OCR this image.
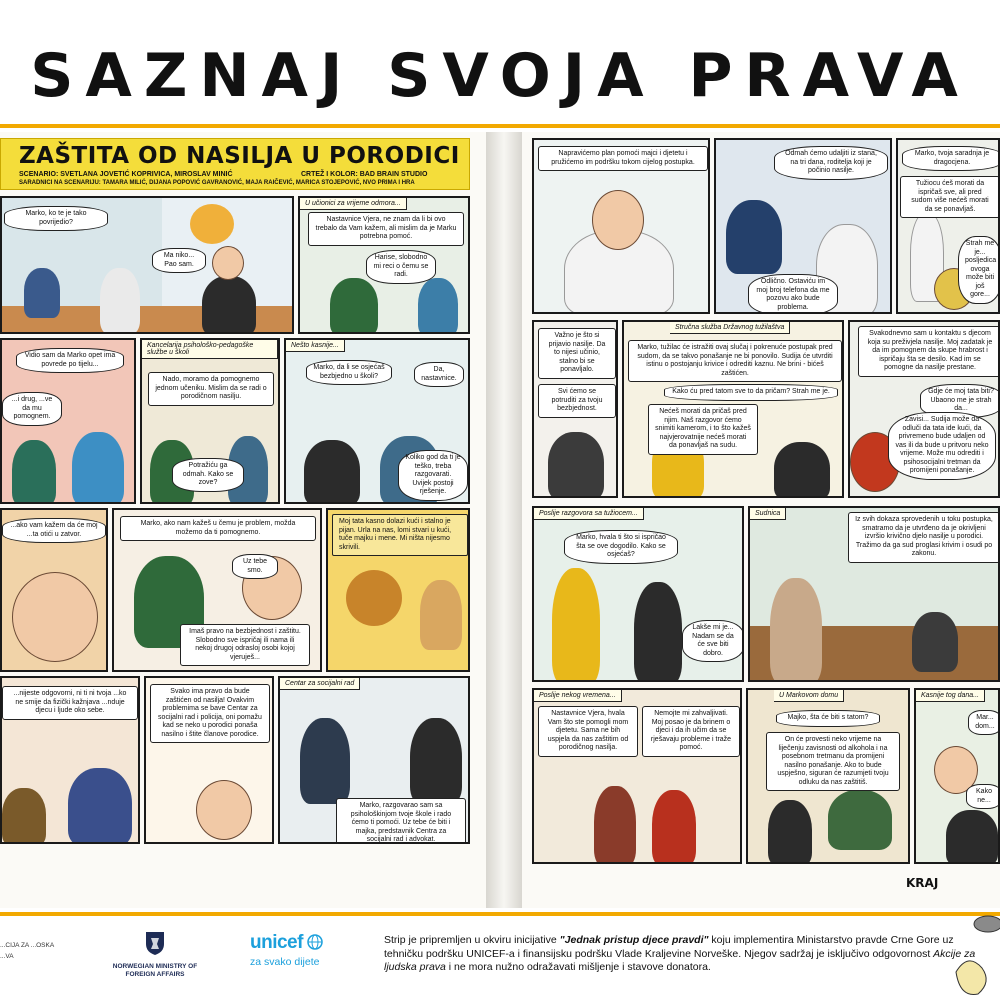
SAZNAJ SVOJA PRAVA
ZAŠTITA OD NASILJA U PORODICI
SCENARIO: SVETLANA JOVETIĆ KOPRIVICA, MIROSLAV MINIĆ	CRTEŽ I KOLOR: BAD BRAIN STUDIO
SARADNICI NA SCENARIJU: TAMARA MILIĆ, DIJANA POPOVIĆ GAVRANOVIĆ, MAJA RAIČEVIĆ, MARICA STOJEPOVIĆ, NVO PRIMA I HRA
Marko, ko te je tako povrijedio?
Ma niko... Pao sam.
U učionici za vrijeme odmora...
Nastavnice Vjera, ne znam da li bi ovo trebalo da Vam kažem, ali mislim da je Marku potrebna pomoć.
Harise, slobodno mi reci o čemu se radi.
Vidio sam da Marko opet ima povrede po tijelu...
...i drug, ...ve da mu pomognem.
Kancelarija psihološko-pedagoške službe u školi
Nado, moramo da pomognemo jednom učeniku. Mislim da se radi o porodičnom nasilju.
Potražiću ga odmah. Kako se zove?
Nešto kasnije...
Marko, da li se osjećaš bezbjedno u školi?
Da, nastavnice.
Koliko god da ti je teško, treba razgovarati. Uvijek postoji rješenje.
...ako vam kažem da će moj ...ta otići u zatvor.
Marko, ako nam kažeš u čemu je problem, možda možemo da ti pomognemo.
Uz tebe smo.
Imaš pravo na bezbjednost i zaštitu. Slobodno sve ispričaj ili nama ili nekoj drugoj odrasloj osobi kojoj vjeruješ...
Moj tata kasno dolazi kući i stalno je pijan. Urla na nas, lomi stvari u kući, tuče majku i mene. Mi ništa nijesmo skrivili.
...nijeste odgovorni, ni ti ni tvoja ...ko ne smije da fizički kažnjava ...nduje djecu i ljude oko sebe.
Svako ima pravo da bude zaštićen od nasilja! Ovakvim problemima se bave Centar za socijalni rad i policija, oni pomažu kad se neko u porodici ponaša nasilno i štite članove porodice.
Centar za socijalni rad
Marko, razgovarao sam sa psihološkinjom tvoje škole i rado ćemo ti pomoći. Uz tebe će biti i majka, predstavnik Centra za socijalni rad i advokat.
Napravićemo plan pomoći majci i djetetu i pružićemo im podršku tokom cijelog postupka.
Odmah ćemo udaljiti iz stana, na tri dana, roditelja koji je počinio nasilje.
Odlično. Ostaviću im moj broj telefona da me pozovu ako bude problema.
Marko, tvoja saradnja je dragocjena.
Tužiocu ćeš morati da ispričaš sve, ali pred sudom više nećeš morati da se ponavljaš.
Strah me je... posljedica ovoga može biti još gore...
Važno je što si prijavio nasilje. Da to nijesi učinio, stalno bi se ponavljalo.
Svi ćemo se potruditi za tvoju bezbjednost.
Stručna služba Državnog tužilaštva
Marko, tužilac će istražiti ovaj slučaj i pokrenuće postupak pred sudom, da se takvo ponašanje ne bi ponovilo. Sudija će utvrditi istinu o postojanju krivice i odrediti kaznu. Ne brini - bićeš zaštićen.
Kako ću pred tatom sve to da pričam? Strah me je.
Nećeš morati da pričaš pred njim. Naš razgovor ćemo snimiti kamerom, i to što kažeš najvjerovatnije nećeš morati da ponavljaš na sudu.
Svakodnevno sam u kontaktu s djecom koja su preživjela nasilje. Moj zadatak je da im pomognem da skupe hrabrost i ispričaju šta se desilo. Kad im se pomogne da nasilje prestane.
Gdje će moj tata biti? Ubaono me je strah da...
Zavisi... Sudija može da odluči da tata ide kući, da privremeno bude udaljen od vas ili da bude u pritvoru neko vrijeme. Može mu odrediti i psihosocijalni tretman da promijeni ponašanje.
Poslije razgovora sa tužiocem...
Marko, hvala ti što si ispričao šta se ove dogodilo. Kako se osjećaš?
Lakše mi je... Nadam se da će sve biti dobro.
Sudnica
Iz svih dokaza sprovedenih u toku postupka, smatramo da je utvrđeno da je okrivljeni izvršio krivično djelo nasilje u porodici. Tražimo da ga sud proglasi krivim i osudi po zakonu.
Poslije nekog vremena...
Nastavnice Vjera, hvala Vam što ste pomogli mom djetetu. Sama ne bih uspjela da nas zaštitim od porodičnog nasilja.
Nemojte mi zahvaljivati. Moj posao je da brinem o djeci i da ih učim da se rješavaju probleme i traže pomoć.
U Markovom domu
Majko, šta će biti s tatom?
On će provesti neko vrijeme na liječenju zavisnosti od alkohola i na posebnom tretmanu da promijeni nasilno ponašanje. Ako to bude uspješno, siguran će razumjeti tvoju odluku da nas zaštitiš.
Kasnije tog dana...
Mar... dom...
Kako ne...
KRAJ
...CIJA ZA ...OSKA ...VA
NORWEGIAN MINISTRY OF FOREIGN AFFAIRS
unicef
za svako dijete
Strip je pripremljen u okviru inicijative "Jednak pristup djece pravdi" koju implementira Ministarstvo pravde Crne Gore uz tehničku podršku UNICEF-a i finansijsku podršku Vlade Kraljevine Norveške. Njegov sadržaj je isključivo odgovornost Akcije za ljudska prava i ne mora nužno odražavati mišljenje i stavove donatora.
